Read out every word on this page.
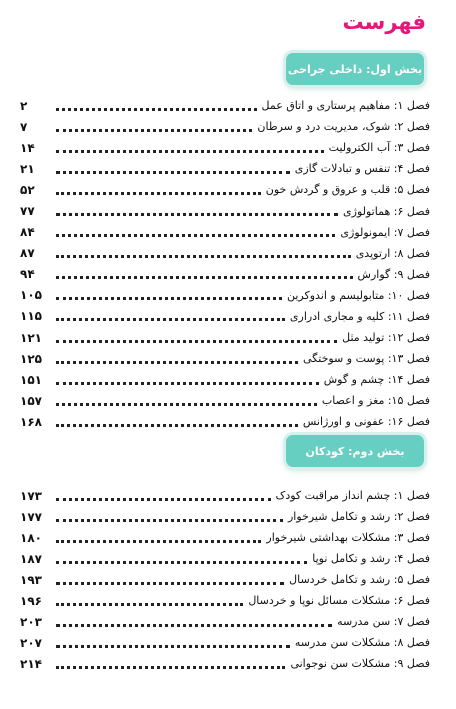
فهرست
بخش اول: داخلی جراحی
فصل ۱: مفاهیم پرستاری و اتاق عمل
۲
فصل ۲: شوک، مدیریت درد و سرطان
۷
فصل ۳: آب الکترولیت
۱۴
فصل ۴: تنفس و تبادلات گازی
۲۱
فصل ۵: قلب و عروق و گردش خون
۵۲
فصل ۶: هماتولوژی
۷۷
فصل ۷: ایمونولوژی
۸۴
فصل ۸: ارتوپدی
۸۷
فصل ۹: گوارش
۹۴
فصل ۱۰: متابولیسم و اندوکرین
۱۰۵
فصل ۱۱: کلیه و مجاری ادراری
۱۱۵
فصل ۱۲: تولید مثل
۱۲۱
فصل ۱۳: پوست و سوختگی
۱۲۵
فصل ۱۴: چشم و گوش
۱۵۱
فصل ۱۵: مغز و اعصاب
۱۵۷
فصل ۱۶: عفونی و اورژانس
۱۶۸
بخش دوم: کودکان
فصل ۱: چشم انداز مراقبت کودک
۱۷۳
فصل ۲: رشد و تکامل شیرخوار
۱۷۷
فصل ۳: مشکلات بهداشتی شیرخوار
۱۸۰
فصل ۴: رشد و تکامل نوپا
۱۸۷
فصل ۵: رشد و تکامل خردسال
۱۹۳
فصل ۶: مشکلات مسائل نوپا و خردسال
۱۹۶
فصل ۷: سن مدرسه
۲۰۳
فصل ۸: مشکلات سن مدرسه
۲۰۷
فصل ۹: مشکلات سن نوجوانی
۲۱۴
